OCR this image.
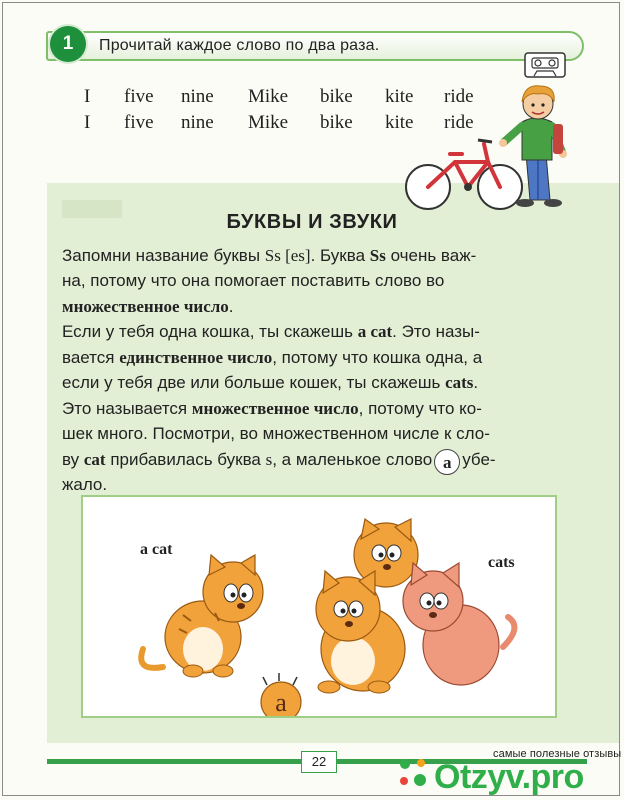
1	Прочитай каждое слово по два раза.
I five nine Mike bike kite ride
I five nine Mike bike kite ride
БУКВЫ И ЗВУКИ
Запомни название буквы Ss [es]. Буква Ss очень важ-
на, потому что она помогает поставить слово во
множественное число.
Если у тебя одна кошка, ты скажешь a cat. Это назы-
вается единственное число, потому что кошка одна, а
если у тебя две или больше кошек, ты скажешь cats.
Это называется множественное число, потому что ко-
шек много. Посмотри, во множественном числе к сло-
ву cat прибавилась буква s, а маленькое слово a убе-
жало.
a cat
cats
a
22	самые полезные отзывы
Otzyv.pro
